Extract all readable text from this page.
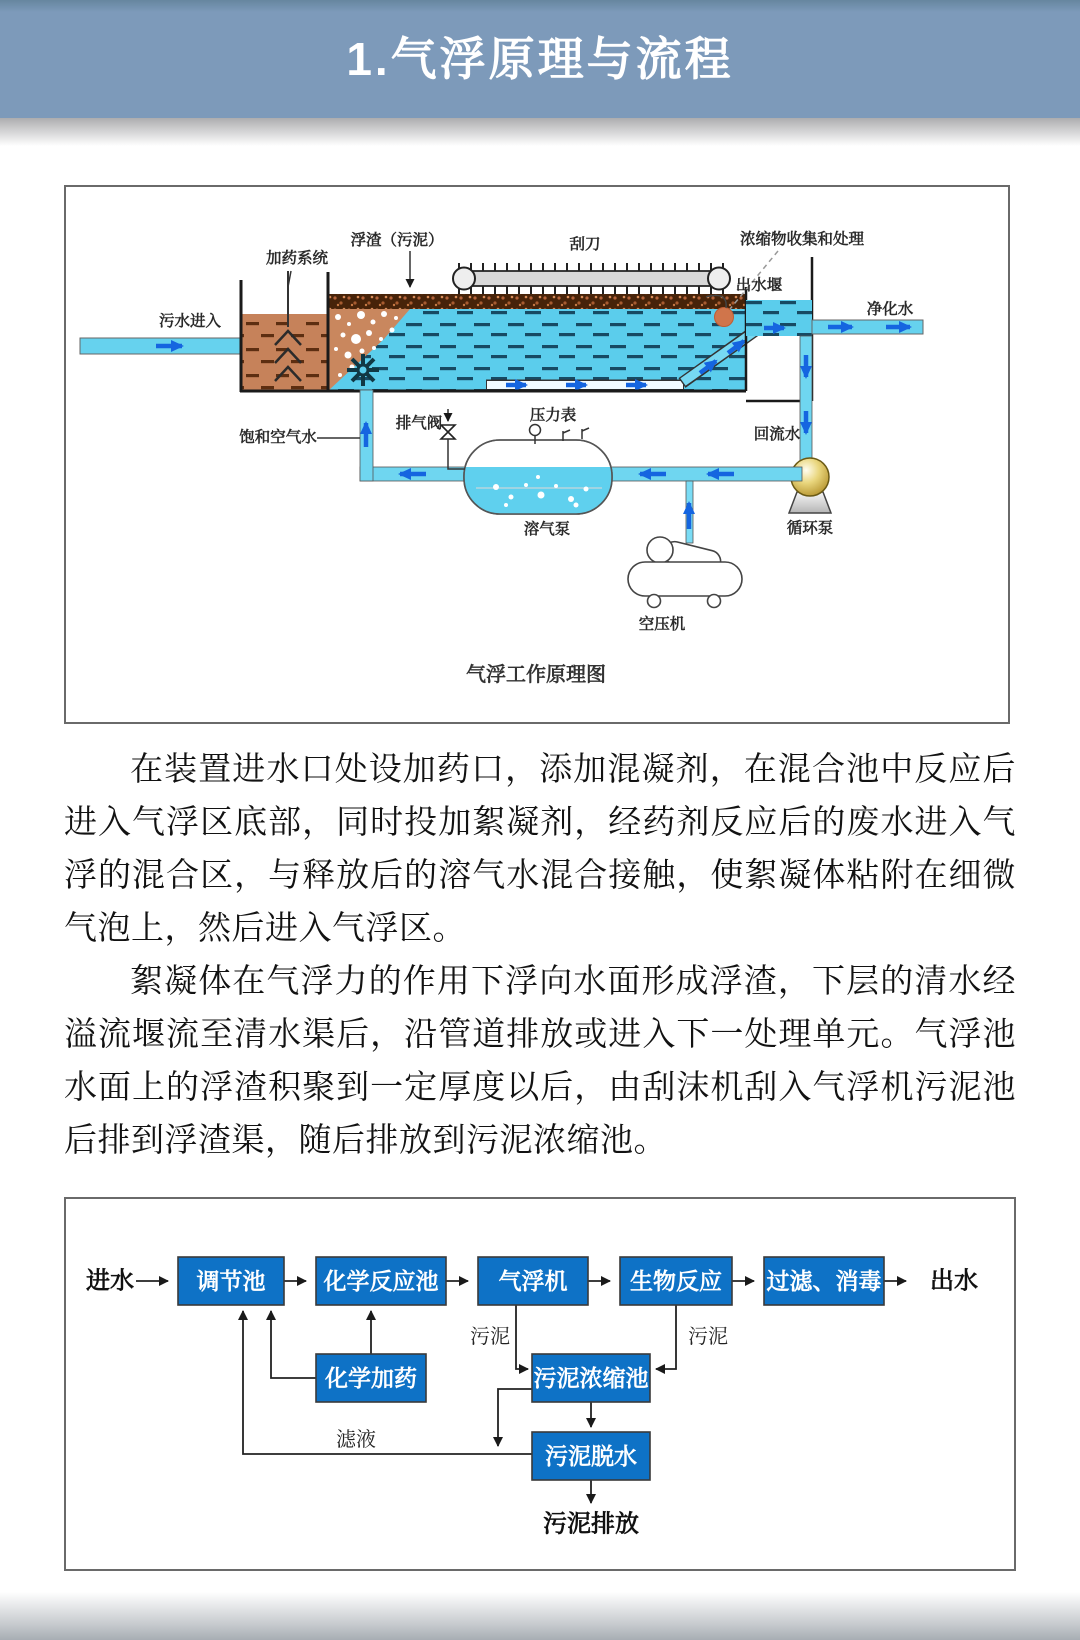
1.气浮原理与流程
加药系统
浮渣（污泥）	刮刀	浓缩物收集和处理
出水堰
污水进入
净化水
饱和空气水
排气阀	压力表
回流水
溶气泵	循环泵
空压机
气浮工作原理图

在装置进水口处设加药口，添加混凝剂，在混合池中反应后进入气浮区底部，同时投加絮凝剂，经药剂反应后的废水进入气浮的混合区，与释放后的溶气水混合接触，使絮凝体粘附在细微气泡上，然后进入气浮区。

絮凝体在气浮力的作用下浮向水面形成浮渣，下层的清水经溢流堰流至清水渠后，沿管道排放或进入下一处理单元。气浮池水面上的浮渣积聚到一定厚度以后，由刮沫机刮入气浮机污泥池后排到浮渣渠，随后排放到污泥浓缩池。

调节池	化学反应池	气浮机	生物反应 过滤、消毒
化学加药	污泥浓缩池
污泥脱水
进水	出水
污泥	污泥
滤液
污泥排放
